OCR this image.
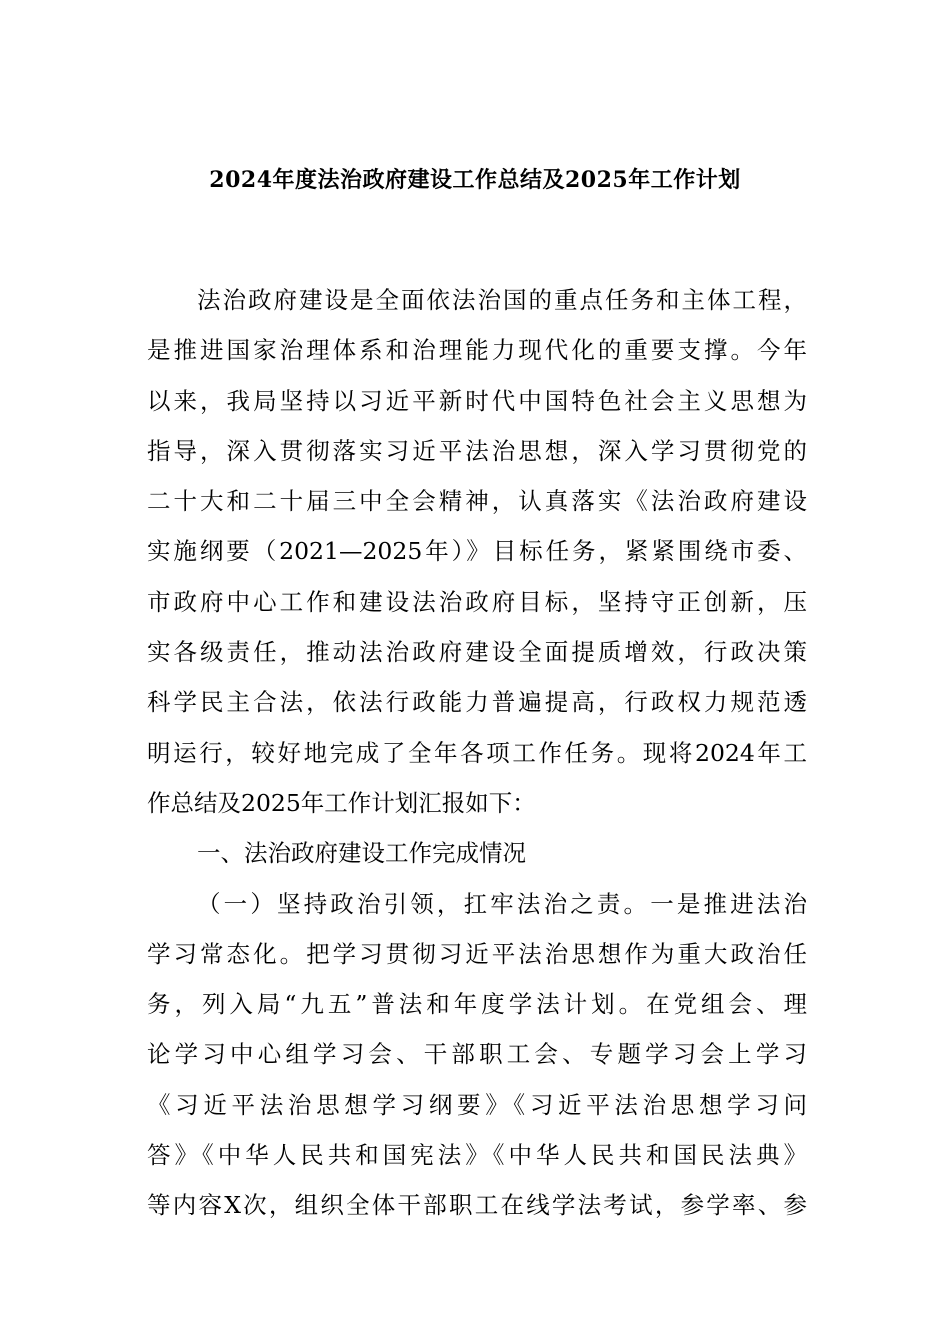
2024年度法治政府建设工作总结及2025年工作计划
法治政府建设是全面依法治国的重点任务和主体工程，
是推进国家治理体系和治理能力现代化的重要支撑。今年
以来，我局坚持以习近平新时代中国特色社会主义思想为
指导，深入贯彻落实习近平法治思想，深入学习贯彻党的
二十大和二十届三中全会精神，认真落实《法治政府建设
实施纲要（2021—2025年）》目标任务，紧紧围绕市委、
市政府中心工作和建设法治政府目标，坚持守正创新，压
实各级责任，推动法治政府建设全面提质增效，行政决策
科学民主合法，依法行政能力普遍提高，行政权力规范透
明运行，较好地完成了全年各项工作任务。现将2024年工
作总结及2025年工作计划汇报如下：
一、法治政府建设工作完成情况
（一）坚持政治引领，扛牢法治之责。一是推进法治
学习常态化。把学习贯彻习近平法治思想作为重大政治任
务，列入局“九五”普法和年度学法计划。在党组会、理
论学习中心组学习会、干部职工会、专题学习会上学习
《习近平法治思想学习纲要》《习近平法治思想学习问
答》《中华人民共和国宪法》《中华人民共和国民法典》
等内容X次，组织全体干部职工在线学法考试，参学率、参
